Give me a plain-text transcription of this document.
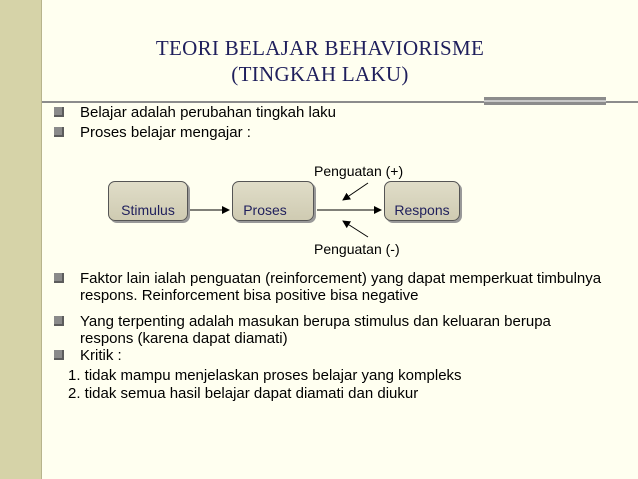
TEORI BELAJAR BEHAVIORISME
(TINGKAH LAKU)
Belajar adalah perubahan tingkah laku
Proses belajar mengajar :
Penguatan (+)
Stimulus	Proses	Respons
Penguatan (-)
Faktor lain ialah penguatan (reinforcement) yang dapat memperkuat timbulnya
respons. Reinforcement bisa positive bisa negative
Yang terpenting adalah masukan berupa stimulus dan keluaran berupa
respons (karena dapat diamati)
Kritik :
1. tidak mampu menjelaskan proses belajar yang kompleks
2. tidak semua hasil belajar dapat diamati dan diukur
